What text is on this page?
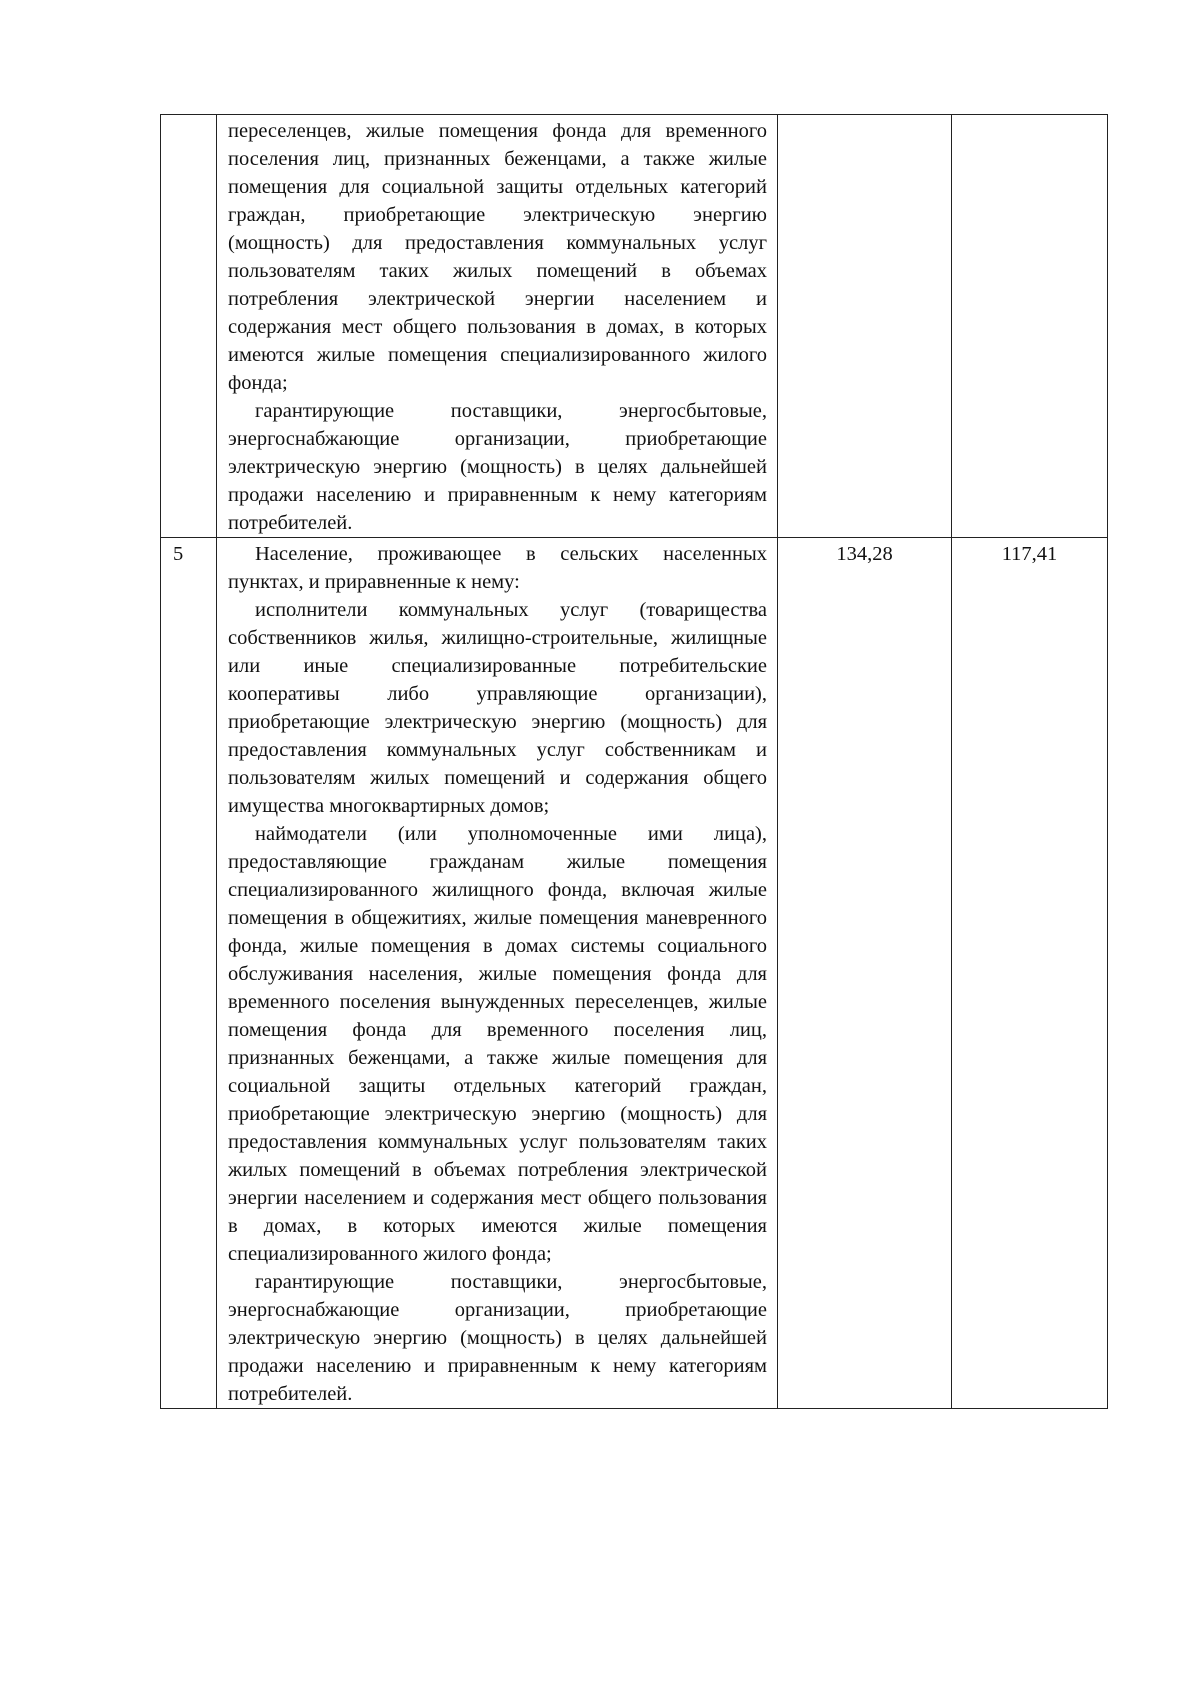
	переселенцев, жилые помещения фонда для временного поселения лиц, признанных беженцами, а также жилые помещения для социальной защиты отдельных категорий граждан, приобретающие электрическую энергию (мощность) для предоставления коммунальных услуг пользователям таких жилых помещений в объемах потребления электрической энергии населением и содержания мест общего пользования в домах, в которых имеются жилые помещения специализированного жилого фонда;

гарантирующие поставщики, энергосбытовые, энергоснабжающие организации, приобретающие электрическую энергию (мощность) в целях дальнейшей продажи населению и приравненным к нему категориям потребителей.		

5	Население, проживающее в сельских населенных пунктах, и приравненные к нему:

исполнители коммунальных услуг (товарищества собственников жилья, жилищно-строительные, жилищные или иные специализированные потребительские кооперативы либо управляющие организации), приобретающие электрическую энергию (мощность) для предоставления коммунальных услуг собственникам и пользователям жилых помещений и содержания общего имущества многоквартирных домов;

наймодатели (или уполномоченные ими лица), предоставляющие гражданам жилые помещения специализированного жилищного фонда, включая жилые помещения в общежитиях, жилые помещения маневренного фонда, жилые помещения в домах системы социального обслуживания населения, жилые помещения фонда для временного поселения вынужденных переселенцев, жилые помещения фонда для временного поселения лиц, признанных беженцами, а также жилые помещения для социальной защиты отдельных категорий граждан, приобретающие электрическую энергию (мощность) для предоставления коммунальных услуг пользователям таких жилых помещений в объемах потребления электрической энергии населением и содержания мест общего пользования в домах, в которых имеются жилые помещения специализированного жилого фонда;

гарантирующие поставщики, энергосбытовые, энергоснабжающие организации, приобретающие электрическую энергию (мощность) в целях дальнейшей продажи населению и приравненным к нему категориям потребителей.	134,28	117,41
